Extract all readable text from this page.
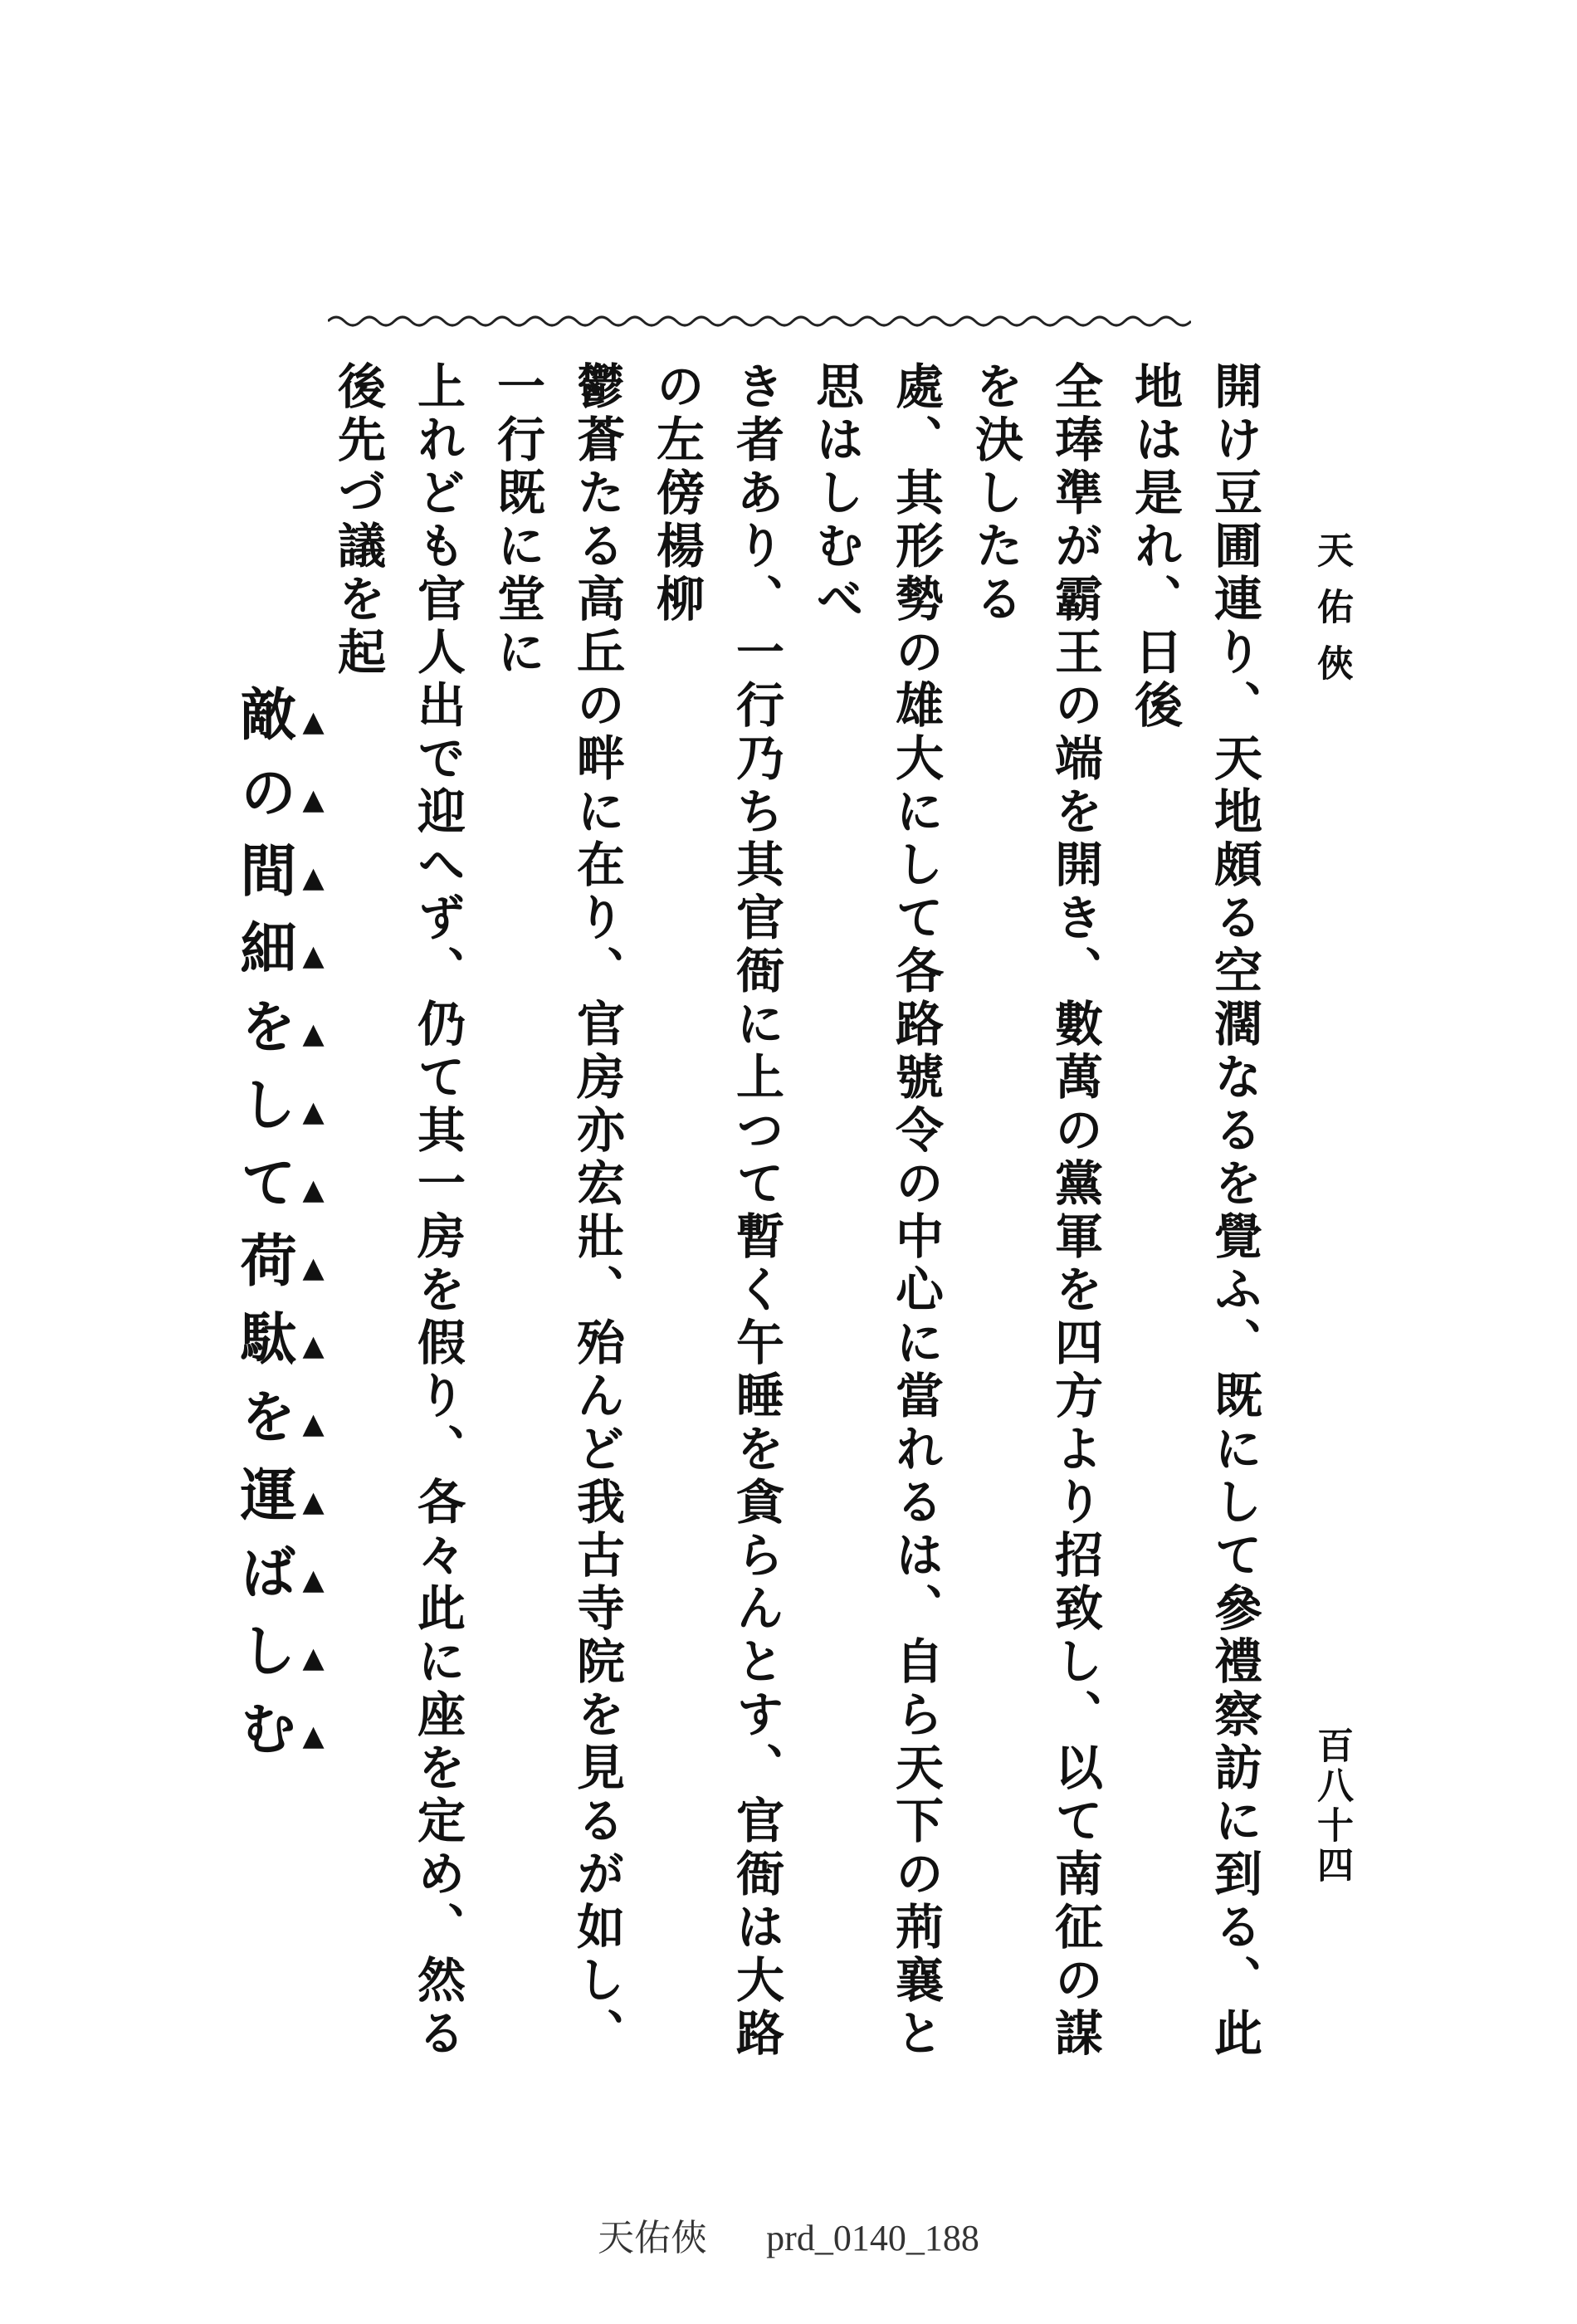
天佑俠
百八十四
開け豆圃連り、天地頗る空濶なるを覺ふ、既にして參禮察訪に到る、此地は是れ、日後
全琫準が霸王の端を開き、數萬の黨軍を四方より招致し、以て南征の謀を決したる
處、其形勢の雄大にして各路號令の中心に當れるは、自ら天下の荊襄と思はしむべ
き者あり、一行乃ち其官衙に上つて暫く午睡を貪らんとす、官衙は大路の左傍楊柳
鬱蒼たる高丘の畔に在り、官房亦宏壯、殆んど我古寺院を見るが如し、一行既に堂に
上れども官人出で迎へず、仍て其一房を假り、各々此に座を定め、然る後先づ議を起
敵の間細をして荷駄を運ばしむ
天佑俠 prd_0140_188
